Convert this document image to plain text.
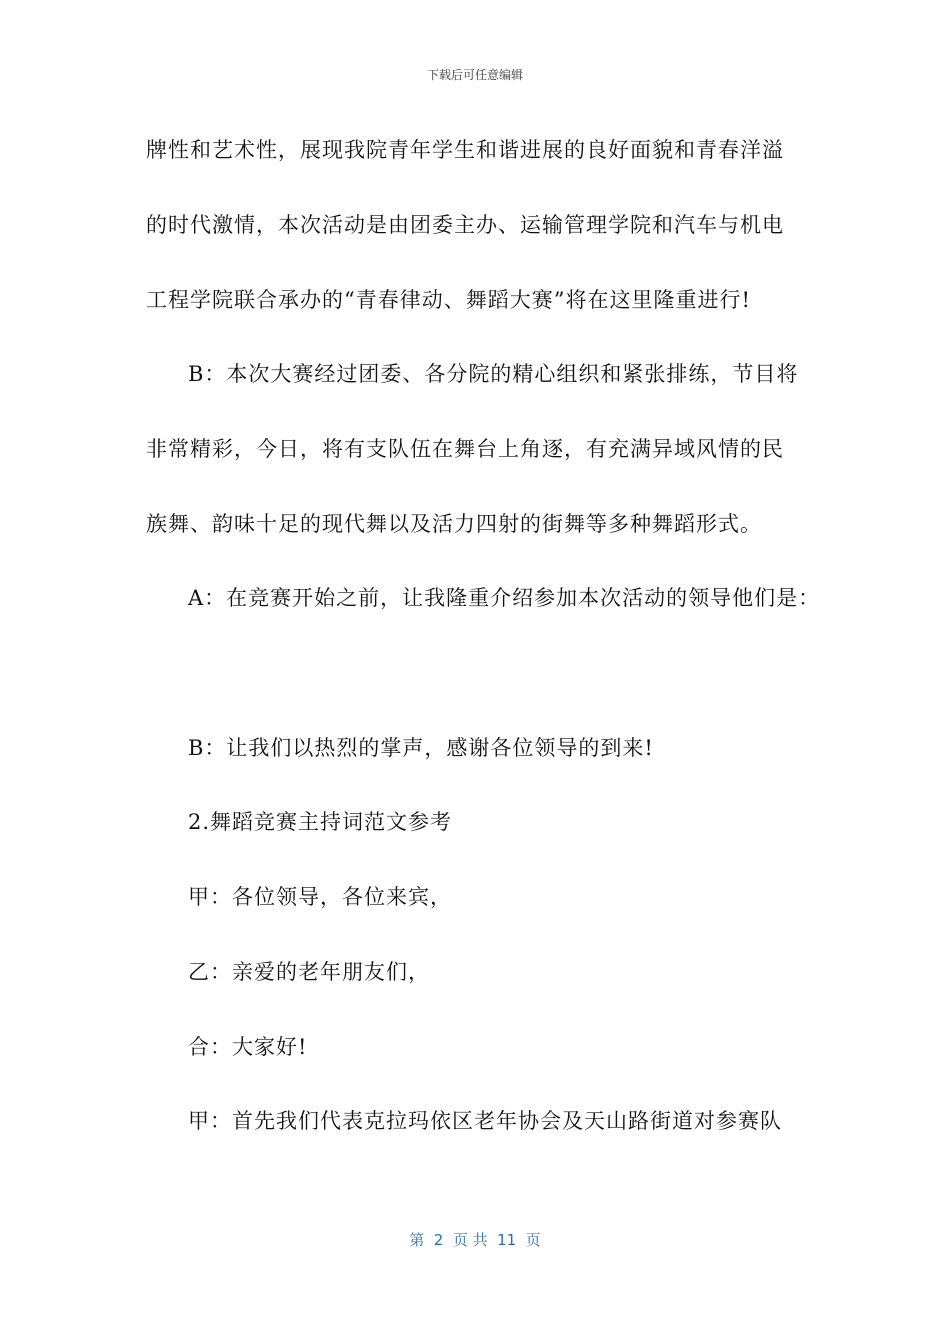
下载后可任意编辑
牌性和艺术性，展现我院青年学生和谐进展的良好面貌和青春洋溢
的时代激情，本次活动是由团委主办、运输管理学院和汽车与机电
工程学院联合承办的“青春律动、舞蹈大赛”将在这里隆重进行!
B：本次大赛经过团委、各分院的精心组织和紧张排练，节目将
非常精彩，今日，将有支队伍在舞台上角逐，有充满异域风情的民
族舞、韵味十足的现代舞以及活力四射的街舞等多种舞蹈形式。
A：在竞赛开始之前，让我隆重介绍参加本次活动的领导他们是：
B：让我们以热烈的掌声，感谢各位领导的到来!
2.舞蹈竞赛主持词范文参考
甲：各位领导，各位来宾，
乙：亲爱的老年朋友们，
合：大家好!
甲：首先我们代表克拉玛依区老年协会及天山路街道对参赛队
第  2  页 共  11  页
